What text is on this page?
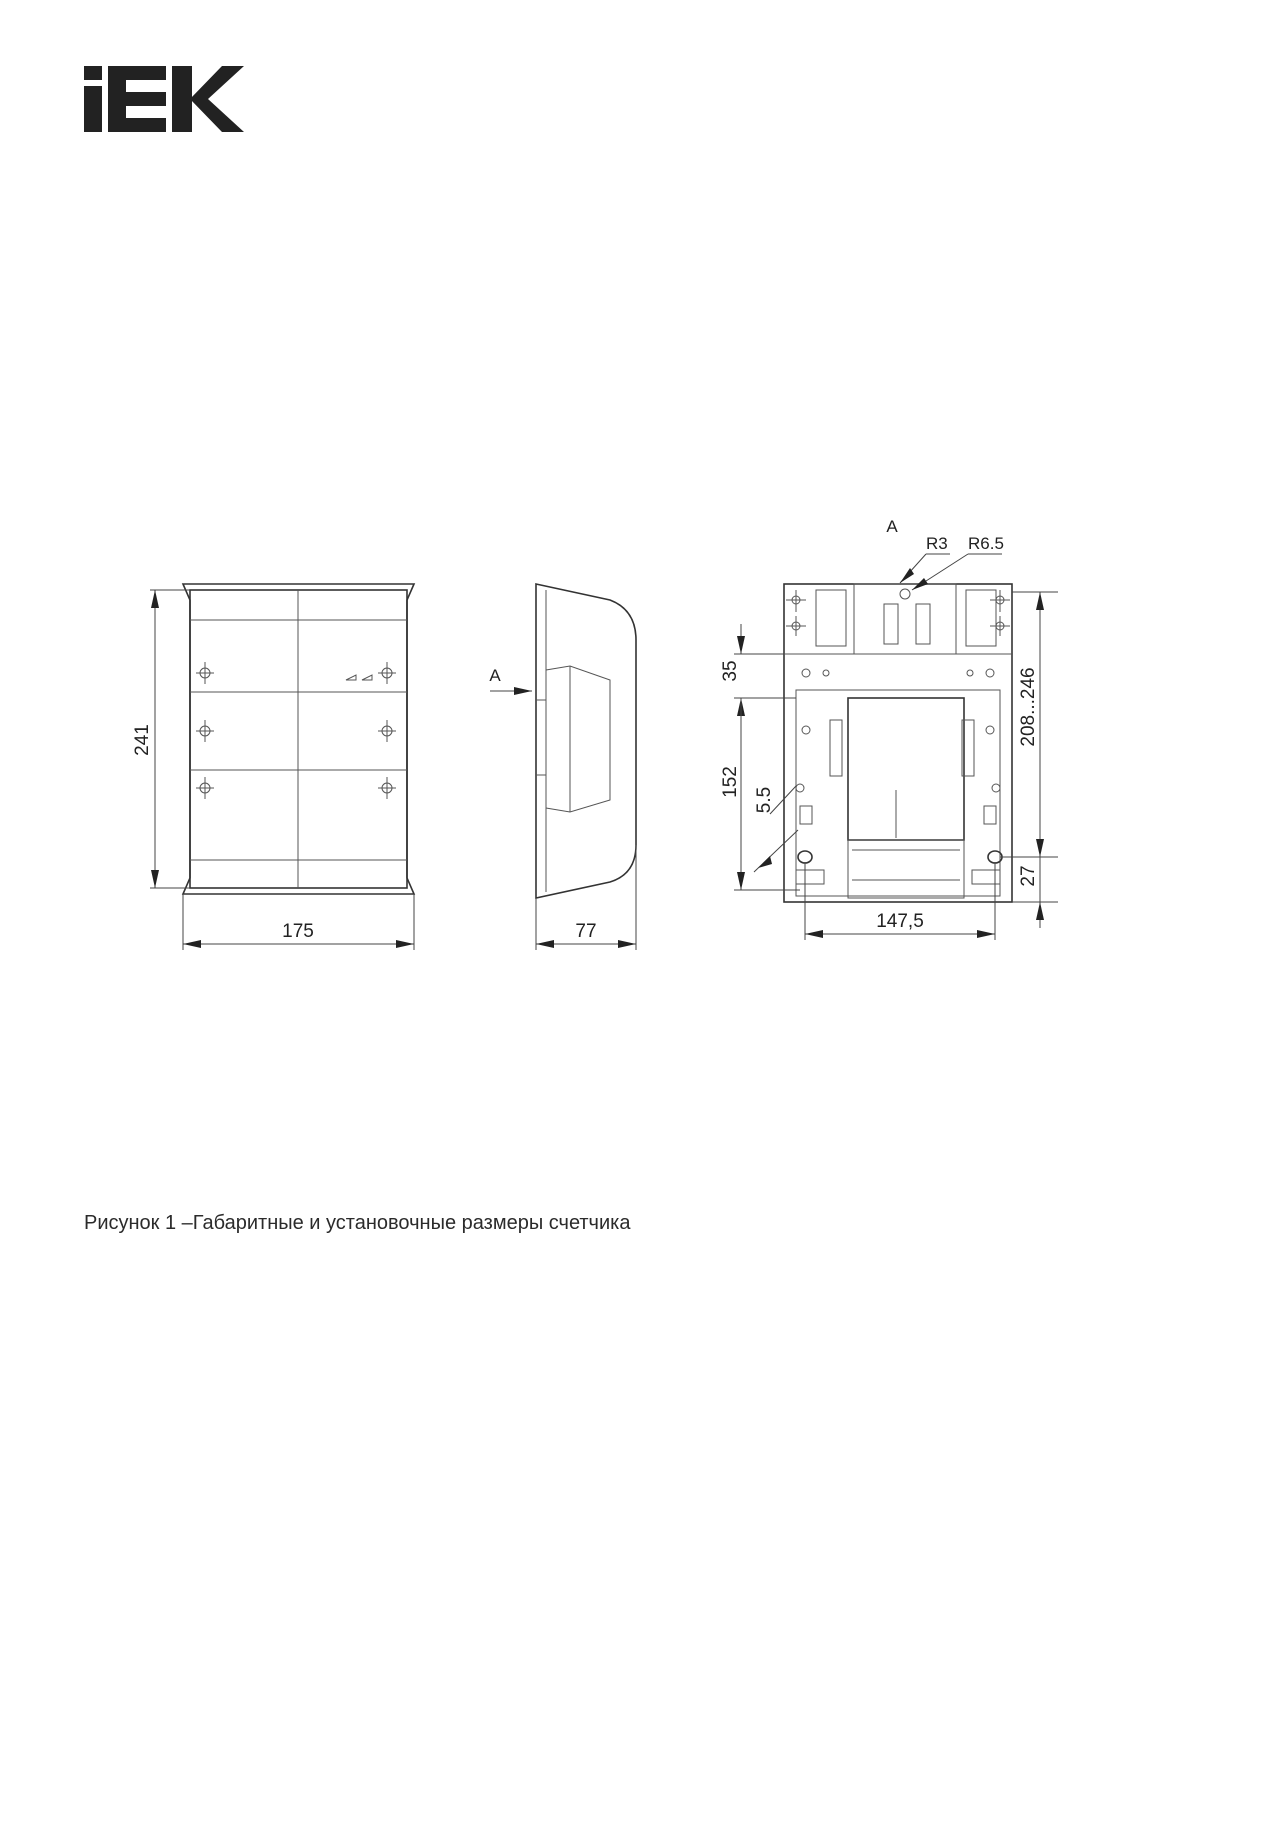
241
175
A
77
A
R3 R6.5
35
152
5.5
208...246
27
147,5
Рисунок 1 –Габаритные и установочные размеры счетчика
